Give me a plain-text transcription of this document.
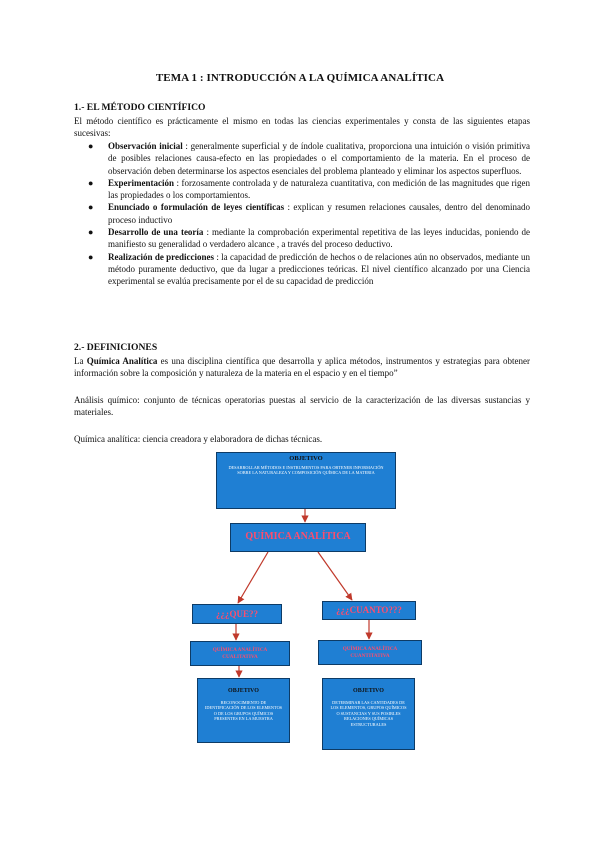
TEMA 1 : INTRODUCCIÓN A LA QUÍMICA ANALÍTICA
1.- EL MÉTODO CIENTÍFICO
El método científico es prácticamente el mismo en todas las ciencias experimentales y consta de las siguientes etapas sucesivas:
● Observación inicial : generalmente superficial y de índole cualitativa, proporciona una intuición o visión primitiva de posibles relaciones causa-efecto en las propiedades o el comportamiento de la materia. En el proceso de observación deben determinarse los aspectos esenciales del problema planteado y eliminar los aspectos superfluos.
● Experimentación : forzosamente controlada y de naturaleza cuantitativa, con medición de las magnitudes que rigen las propiedades o los comportamientos.
● Enunciado o formulación de leyes científicas : explican y resumen relaciones causales, dentro del denominado proceso inductivo
● Desarrollo de una teoría : mediante la comprobación experimental repetitiva de las leyes inducidas, poniendo de manifiesto su generalidad o verdadero alcance , a través del proceso deductivo.
● Realización de predicciones : la capacidad de predicción de hechos o de relaciones aún no observados, mediante un método puramente deductivo, que da lugar a predicciones teóricas. El nivel científico alcanzado por una Ciencia experimental se evalúa precisamente por el de su capacidad de predicción
2.- DEFINICIONES
La Química Analítica es una disciplina científica que desarrolla y aplica métodos, instrumentos y estrategias para obtener información sobre la composición y naturaleza de la materia en el espacio y en el tiempo”
Análisis químico: conjunto de técnicas operatorias puestas al servicio de la caracterización de las diversas sustancias y materiales.
Química analítica: ciencia creadora y elaboradora de dichas técnicas.
OBJETIVO
DESARROLLAR MÉTODOS E INSTRUMENTOS PARA OBTENER INFORMACIÓN SOBRE LA NATURALEZA Y COMPOSICIÓN QUÍMICA DE LA MATERIA
QUÍMICA ANALÍTICA
¿¿¿QUE??	¿¿¿CUANTO???
QUÍMICA ANALÍTICA CUALITATIVA
QUÍMICA ANALÍTICA CUANTITATIVA
OBJETIVO
RECONOCIMIENTO DE IDENTIFICACIÓN DE LOS ELEMENTOS O DE LOS GRUPOS QUÍMICOS PRESENTES EN LA MUESTRA
OBJETIVO
DETERMINAR LAS CANTIDADES DE LOS ELEMENTOS, GRUPOS QUÍMICOS O SUSTANCIAS Y SUS POSIBLES RELACIONES QUÍMICAS ESTRUCTURALES
